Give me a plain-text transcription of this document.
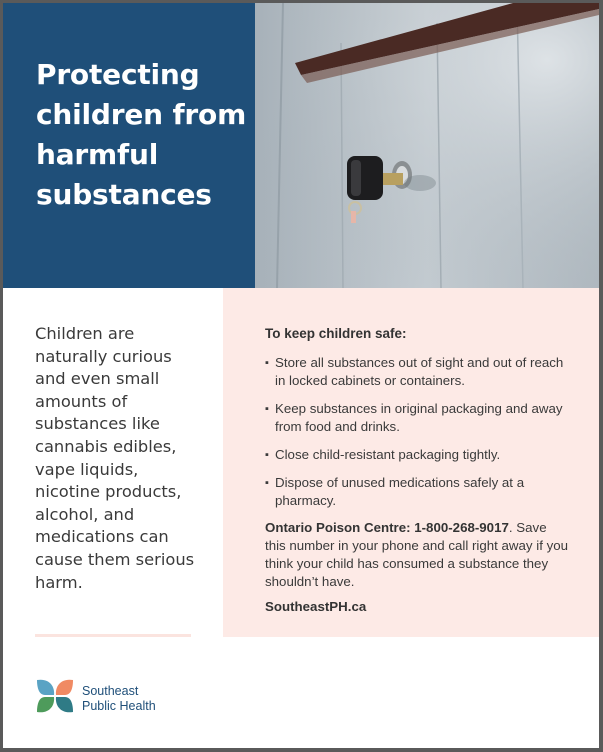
Protecting children from harmful substances

Children are naturally curious and even small amounts of substances like cannabis edibles, vape liquids, nicotine products, alcohol, and medications can cause them serious harm.

To keep children safe:
▪ Store all substances out of sight and out of reach in locked cabinets or containers.
▪ Keep substances in original packaging and away from food and drinks.
▪ Close child-resistant packaging tightly.
▪ Dispose of unused medications safely at a pharmacy.

Ontario Poison Centre: 1-800-268-9017. Save this number in your phone and call right away if you think your child has consumed a substance they shouldn’t have.

SoutheastPH.ca

Southeast
Public Health
